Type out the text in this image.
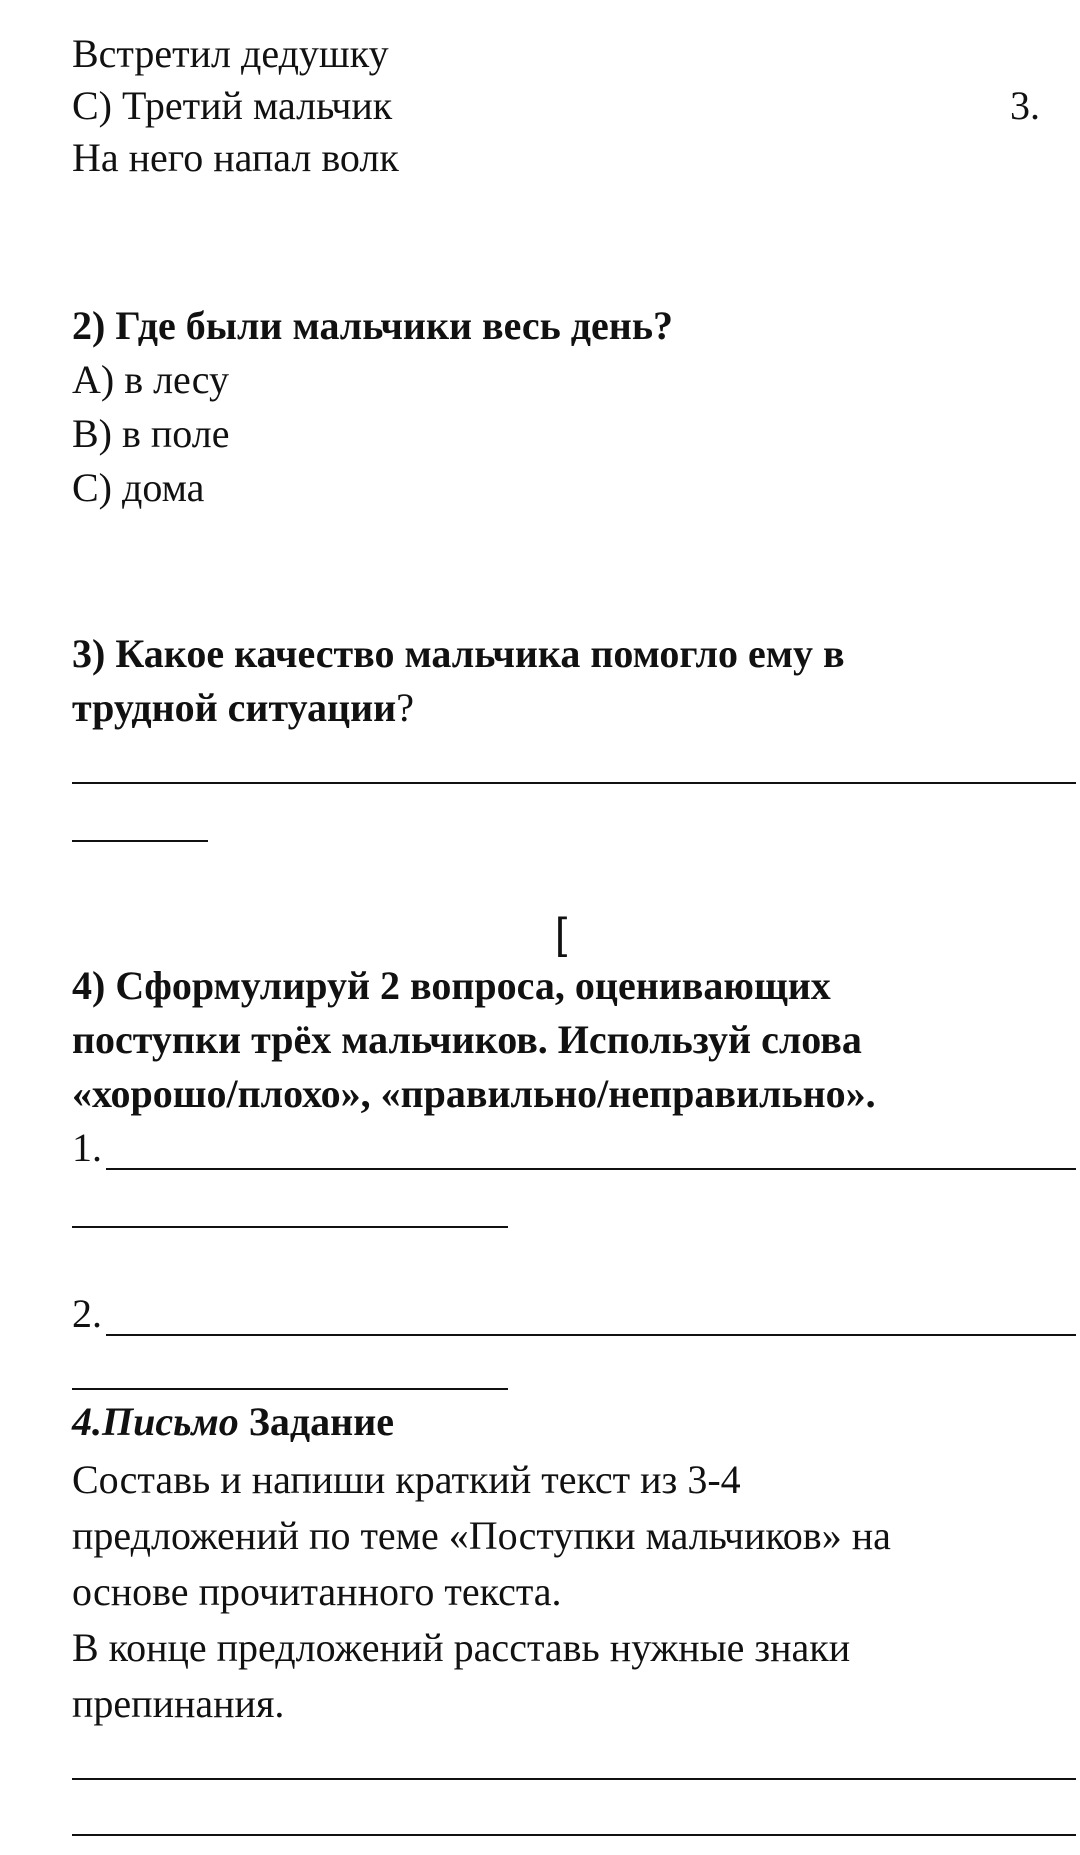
Встретил дедушку
С) Третий мальчик	3.
На него напал волк
2) Где были мальчики весь день?
А) в лесу
В) в поле
С) дома
3) Какое качество мальчика помогло ему в
трудной ситуации?
[
4) Сформулируй 2 вопроса, оценивающих
поступки трёх мальчиков. Используй слова
«хорошо/плохо», «правильно/неправильно».
1.
2.
4.Письмо Задание
Составь и напиши краткий текст из 3-4
предложений по теме «Поступки мальчиков» на
основе прочитанного текста.
В конце предложений расставь нужные знаки
препинания.
